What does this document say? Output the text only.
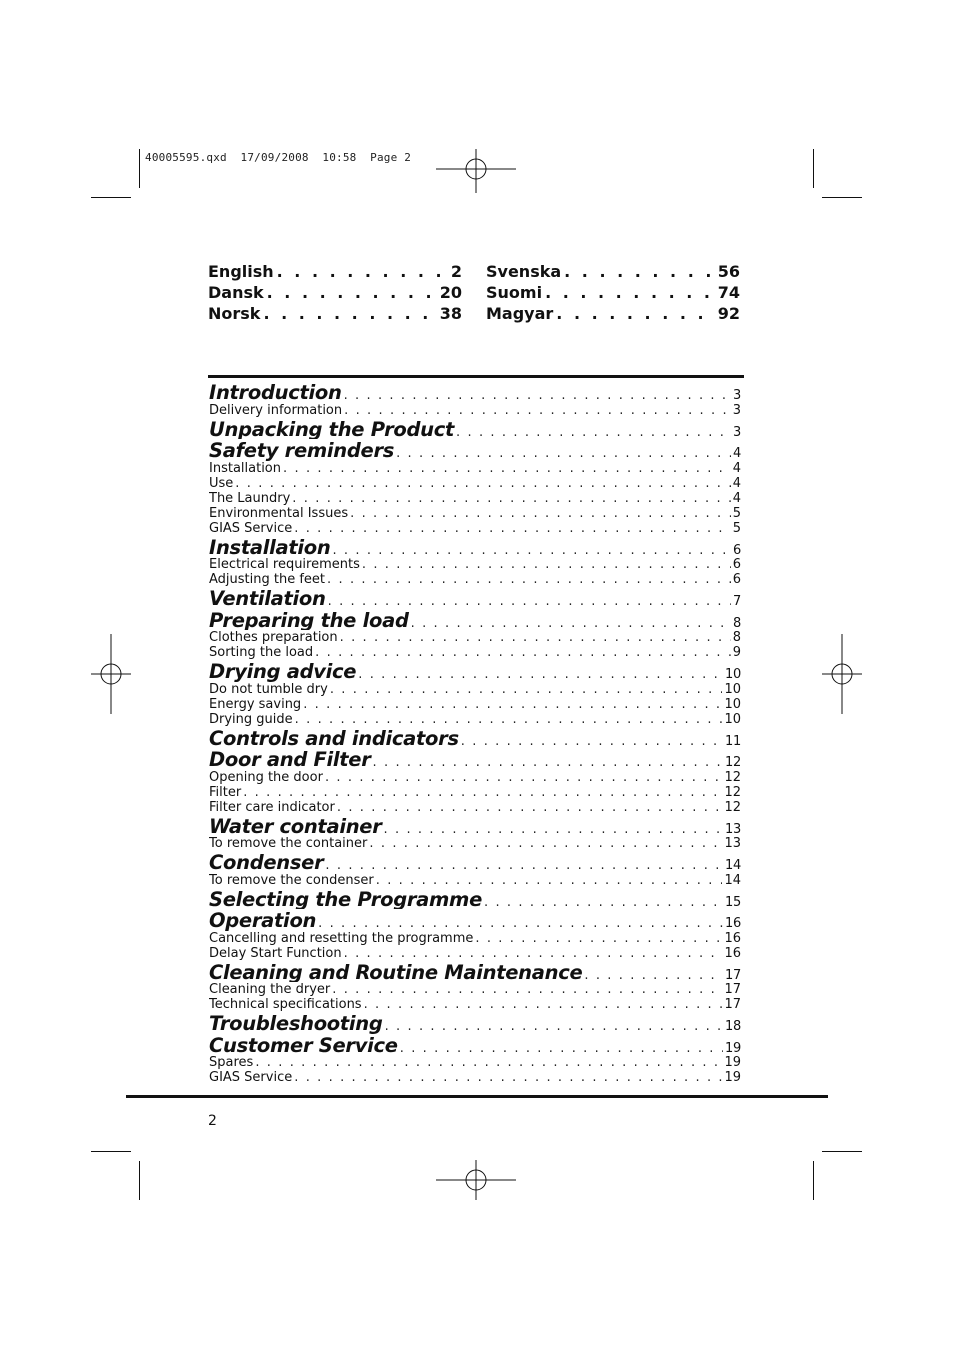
40005595.qxd  17/09/2008  10:58  Page 2
English . . .	2 Svenska . . .	56
Dansk . . .	20 Suomi . . .	74
Norsk . . .	38 Magyar . . .	92
Introduction . . .	3
Delivery information . . .	3
Unpacking the Product . . .	3
Safety reminders . . .	4
Installation . . .	4
Use . . .	4
The Laundry . . .	4
Environmental Issues . . .	5
GIAS Service . . .	5
Installation . . .	6
Electrical requirements . . .	6
Adjusting the feet . . .	6
Ventilation . . .	7
Preparing the load . . .	8
Clothes preparation . . .	8
Sorting the load . . .	9
Drying advice . . .	10
Do not tumble dry . . .	10
Energy saving . . .	10
Drying guide . . .	10
Controls and indicators . . .	11
Door and Filter . . .	12
Opening the door . . .	12
Filter . . .	12
Filter care indicator . . .	12
Water container . . .	13
To remove the container . . .	13
Condenser . . .	14
To remove the condenser . . .	14
Selecting the Programme . . .	15
Operation . . .	16
Cancelling and resetting the programme . . .	16
Delay Start Function . . .	16
Cleaning and Routine Maintenance . . .	17
Cleaning the dryer . . .	17
Technical specifications . . .	17
Troubleshooting . . .	18
Customer Service . . .	19
Spares . . .	19
GIAS Service . . .	19
2
